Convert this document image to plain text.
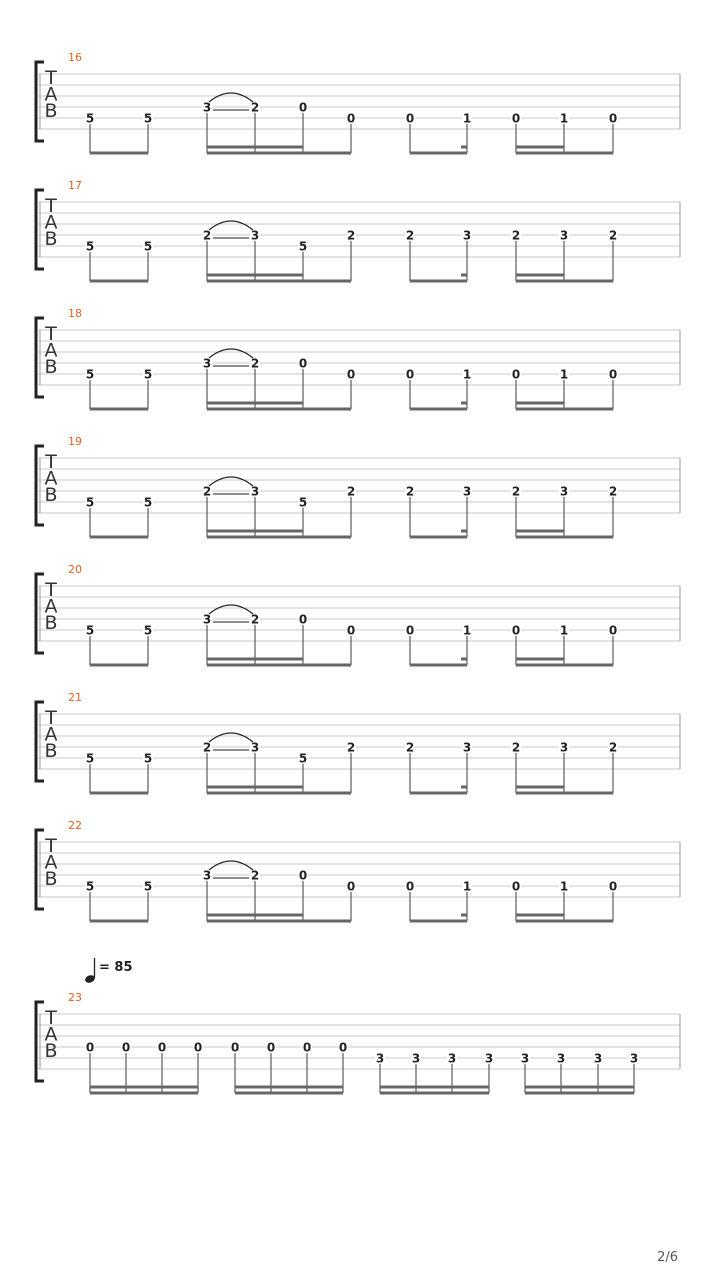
T
A
B
16
5	5
3	2	0
0	0	1	0	1	0
T
A
B
17
5	5
2	3
5
2	2	3	2	3	2
T
A
B
18
5	5
3	2	0
0	0	1	0	1	0
T
A
B
19
5	5
2	3
5
2	2	3	2	3	2
T
A
B
20
5	5
3	2	0
0	0	1	0	1	0
T
A
B
21
5	5
2	3
5
2	2	3	2	3	2
T
A
B
22
5	5
3	2	0
0	0	1	0	1	0
T
A
B
23
0 0 0 0 0 0 0 0
3 3 3 3 3 3 3 3
= 85
2/6
